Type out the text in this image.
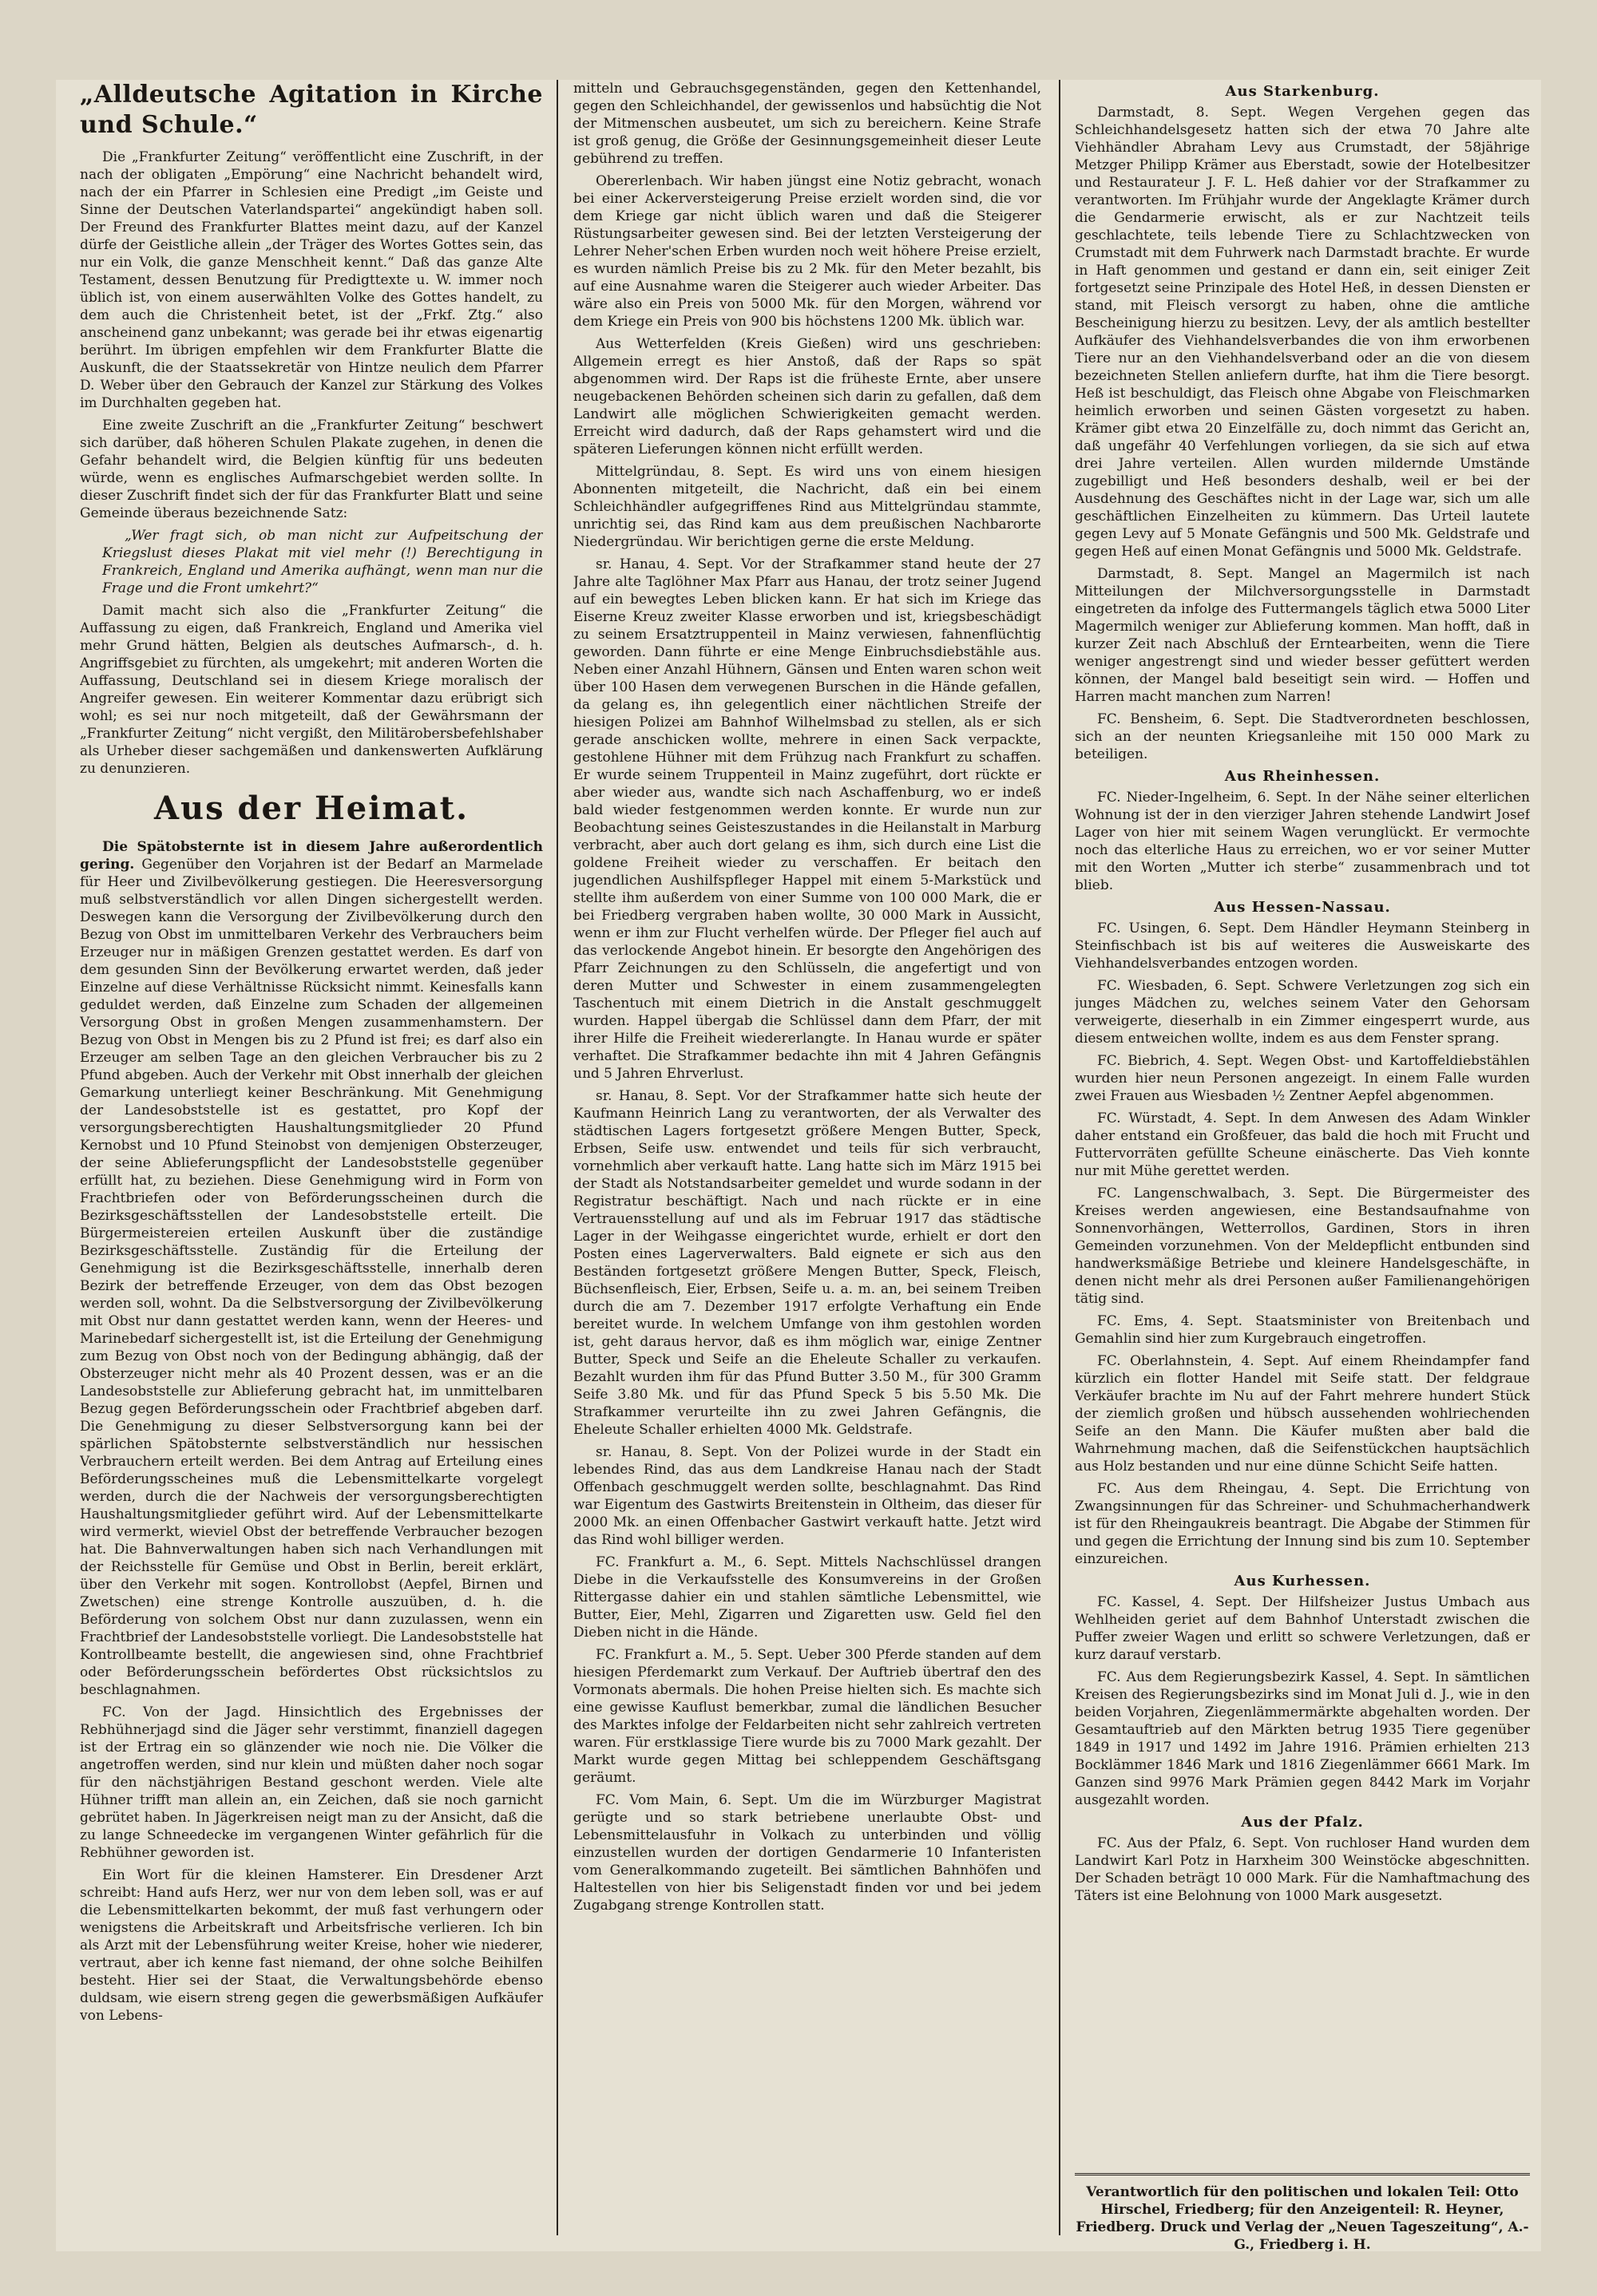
„Alldeutsche Agitation in Kirche und Schule.“

Die „Frankfurter Zeitung“ veröffentlicht eine Zuschrift, in der nach der obligaten „Empörung“ eine Nachricht behandelt wird, nach der ein Pfarrer in Schlesien eine Predigt „im Geiste und Sinne der Deutschen Vaterlandspartei“ angekündigt haben soll. Der Freund des Frankfurter Blattes meint dazu, auf der Kanzel dürfe der Geistliche allein „der Träger des Wortes Gottes sein, das nur ein Volk, die ganze Menschheit kennt.“ Daß das ganze Alte Testament, dessen Benutzung für Predigttexte u. W. immer noch üblich ist, von einem auserwählten Volke des Gottes handelt, zu dem auch die Christenheit betet, ist der „Frkf. Ztg.“ also anscheinend ganz unbekannt; was gerade bei ihr etwas eigenartig berührt. Im übrigen empfehlen wir dem Frankfurter Blatte die Auskunft, die der Staatssekretär von Hintze neulich dem Pfarrer D. Weber über den Gebrauch der Kanzel zur Stärkung des Volkes im Durchhalten gegeben hat.

Eine zweite Zuschrift an die „Frankfurter Zeitung“ beschwert sich darüber, daß höheren Schulen Plakate zugehen, in denen die Gefahr behandelt wird, die Belgien künftig für uns bedeuten würde, wenn es englisches Aufmarschgebiet werden sollte. In dieser Zuschrift findet sich der für das Frankfurter Blatt und seine Gemeinde überaus bezeichnende Satz:

„Wer fragt sich, ob man nicht zur Aufpeitschung der Kriegslust dieses Plakat mit viel mehr (!) Berechtigung in Frankreich, England und Amerika aufhängt, wenn man nur die Frage und die Front umkehrt?“

Damit macht sich also die „Frankfurter Zeitung“ die Auffassung zu eigen, daß Frankreich, England und Amerika viel mehr Grund hätten, Belgien als deutsches Aufmarsch-, d. h. Angriffsgebiet zu fürchten, als umgekehrt; mit anderen Worten die Auffassung, Deutschland sei in diesem Kriege moralisch der Angreifer gewesen. Ein weiterer Kommentar dazu erübrigt sich wohl; es sei nur noch mitgeteilt, daß der Gewährsmann der „Frankfurter Zeitung“ nicht vergißt, den Militärobersbefehlshaber als Urheber dieser sachgemäßen und dankenswerten Aufklärung zu denunzieren.

Aus der Heimat.

Die Spätobsternte ist in diesem Jahre außerordentlich gering. Gegenüber den Vorjahren ist der Bedarf an Marmelade für Heer und Zivilbevölkerung gestiegen. Die Heeresversorgung muß selbstverständlich vor allen Dingen sichergestellt werden. Deswegen kann die Versorgung der Zivilbevölkerung durch den Bezug von Obst im unmittelbaren Verkehr des Verbrauchers beim Erzeuger nur in mäßigen Grenzen gestattet werden. Es darf von dem gesunden Sinn der Bevölkerung erwartet werden, daß jeder Einzelne auf diese Verhältnisse Rücksicht nimmt. Keinesfalls kann geduldet werden, daß Einzelne zum Schaden der allgemeinen Versorgung Obst in großen Mengen zusammenhamstern. Der Bezug von Obst in Mengen bis zu 2 Pfund ist frei; es darf also ein Erzeuger am selben Tage an den gleichen Verbraucher bis zu 2 Pfund abgeben. Auch der Verkehr mit Obst innerhalb der gleichen Gemarkung unterliegt keiner Beschränkung. Mit Genehmigung der Landesobststelle ist es gestattet, pro Kopf der versorgungsberechtigten Haushaltungsmitglieder 20 Pfund Kernobst und 10 Pfund Steinobst von demjenigen Obsterzeuger, der seine Ablieferungspflicht der Landesobststelle gegenüber erfüllt hat, zu beziehen. Diese Genehmigung wird in Form von Frachtbriefen oder von Beförderungsscheinen durch die Bezirksgeschäftsstellen der Landesobststelle erteilt. Die Bürgermeistereien erteilen Auskunft über die zuständige Bezirksgeschäftsstelle. Zuständig für die Erteilung der Genehmigung ist die Bezirksgeschäftsstelle, innerhalb deren Bezirk der betreffende Erzeuger, von dem das Obst bezogen werden soll, wohnt. Da die Selbstversorgung der Zivilbevölkerung mit Obst nur dann gestattet werden kann, wenn der Heeres- und Marinebedarf sichergestellt ist, ist die Erteilung der Genehmigung zum Bezug von Obst noch von der Bedingung abhängig, daß der Obsterzeuger nicht mehr als 40 Prozent dessen, was er an die Landesobststelle zur Ablieferung gebracht hat, im unmittelbaren Bezug gegen Beförderungsschein oder Frachtbrief abgeben darf. Die Genehmigung zu dieser Selbstversorgung kann bei der spärlichen Spätobsternte selbstverständlich nur hessischen Verbrauchern erteilt werden. Bei dem Antrag auf Erteilung eines Beförderungsscheines muß die Lebensmittelkarte vorgelegt werden, durch die der Nachweis der versorgungsberechtigten Haushaltungsmitglieder geführt wird. Auf der Lebensmittelkarte wird vermerkt, wieviel Obst der betreffende Verbraucher bezogen hat. Die Bahnverwaltungen haben sich nach Verhandlungen mit der Reichsstelle für Gemüse und Obst in Berlin, bereit erklärt, über den Verkehr mit sogen. Kontrollobst (Aepfel, Birnen und Zwetschen) eine strenge Kontrolle auszuüben, d. h. die Beförderung von solchem Obst nur dann zuzulassen, wenn ein Frachtbrief der Landesobststelle vorliegt. Die Landesobststelle hat Kontrollbeamte bestellt, die angewiesen sind, ohne Frachtbrief oder Beförderungsschein befördertes Obst rücksichtslos zu beschlagnahmen.

FC. Von der Jagd. Hinsichtlich des Ergebnisses der Rebhühnerjagd sind die Jäger sehr verstimmt, finanziell dagegen ist der Ertrag ein so glänzender wie noch nie. Die Völker die angetroffen werden, sind nur klein und müßten daher noch sogar für den nächstjährigen Bestand geschont werden. Viele alte Hühner trifft man allein an, ein Zeichen, daß sie noch garnicht gebrütet haben. In Jägerkreisen neigt man zu der Ansicht, daß die zu lange Schneedecke im vergangenen Winter gefährlich für die Rebhühner geworden ist.

Ein Wort für die kleinen Hamsterer. Ein Dresdener Arzt schreibt: Hand aufs Herz, wer nur von dem leben soll, was er auf die Lebensmittelkarten bekommt, der muß fast verhungern oder wenigstens die Arbeitskraft und Arbeitsfrische verlieren. Ich bin als Arzt mit der Lebensführung weiter Kreise, hoher wie niederer, vertraut, aber ich kenne fast niemand, der ohne solche Beihilfen besteht. Hier sei der Staat, die Verwaltungsbehörde ebenso duldsam, wie eisern streng gegen die gewerbsmäßigen Aufkäufer von Lebens-

mitteln und Gebrauchsgegenständen, gegen den Kettenhandel, gegen den Schleichhandel, der gewissenlos und habsüchtig die Not der Mitmenschen ausbeutet, um sich zu bereichern. Keine Strafe ist groß genug, die Größe der Gesinnungsgemeinheit dieser Leute gebührend zu treffen.

Obererlenbach. Wir haben jüngst eine Notiz gebracht, wonach bei einer Ackerversteigerung Preise erzielt worden sind, die vor dem Kriege gar nicht üblich waren und daß die Steigerer Rüstungsarbeiter gewesen sind. Bei der letzten Versteigerung der Lehrer Neher'schen Erben wurden noch weit höhere Preise erzielt, es wurden nämlich Preise bis zu 2 Mk. für den Meter bezahlt, bis auf eine Ausnahme waren die Steigerer auch wieder Arbeiter. Das wäre also ein Preis von 5000 Mk. für den Morgen, während vor dem Kriege ein Preis von 900 bis höchstens 1200 Mk. üblich war.

Aus Wetterfelden (Kreis Gießen) wird uns geschrieben: Allgemein erregt es hier Anstoß, daß der Raps so spät abgenommen wird. Der Raps ist die früheste Ernte, aber unsere neugebackenen Behörden scheinen sich darin zu gefallen, daß dem Landwirt alle möglichen Schwierigkeiten gemacht werden. Erreicht wird dadurch, daß der Raps gehamstert wird und die späteren Lieferungen können nicht erfüllt werden.

Mittelgründau, 8. Sept. Es wird uns von einem hiesigen Abonnenten mitgeteilt, die Nachricht, daß ein bei einem Schleichhändler aufgegriffenes Rind aus Mittelgründau stammte, unrichtig sei, das Rind kam aus dem preußischen Nachbarorte Niedergründau. Wir berichtigen gerne die erste Meldung.

sr. Hanau, 4. Sept. Vor der Strafkammer stand heute der 27 Jahre alte Taglöhner Max Pfarr aus Hanau, der trotz seiner Jugend auf ein bewegtes Leben blicken kann. Er hat sich im Kriege das Eiserne Kreuz zweiter Klasse erworben und ist, kriegsbeschädigt zu seinem Ersatztruppenteil in Mainz verwiesen, fahnenflüchtig geworden. Dann führte er eine Menge Einbruchsdiebstähle aus. Neben einer Anzahl Hühnern, Gänsen und Enten waren schon weit über 100 Hasen dem verwegenen Burschen in die Hände gefallen, da gelang es, ihn gelegentlich einer nächtlichen Streife der hiesigen Polizei am Bahnhof Wilhelmsbad zu stellen, als er sich gerade anschicken wollte, mehrere in einen Sack verpackte, gestohlene Hühner mit dem Frühzug nach Frankfurt zu schaffen. Er wurde seinem Truppenteil in Mainz zugeführt, dort rückte er aber wieder aus, wandte sich nach Aschaffenburg, wo er indeß bald wieder festgenommen werden konnte. Er wurde nun zur Beobachtung seines Geisteszustandes in die Heilanstalt in Marburg verbracht, aber auch dort gelang es ihm, sich durch eine List die goldene Freiheit wieder zu verschaffen. Er beitach den jugendlichen Aushilfspfleger Happel mit einem 5-Markstück und stellte ihm außerdem von einer Summe von 100 000 Mark, die er bei Friedberg vergraben haben wollte, 30 000 Mark in Aussicht, wenn er ihm zur Flucht verhelfen würde. Der Pfleger fiel auch auf das verlockende Angebot hinein. Er besorgte den Angehörigen des Pfarr Zeichnungen zu den Schlüsseln, die angefertigt und von deren Mutter und Schwester in einem zusammengelegten Taschentuch mit einem Dietrich in die Anstalt geschmuggelt wurden. Happel übergab die Schlüssel dann dem Pfarr, der mit ihrer Hilfe die Freiheit wiedererlangte. In Hanau wurde er später verhaftet. Die Strafkammer bedachte ihn mit 4 Jahren Gefängnis und 5 Jahren Ehrverlust.

sr. Hanau, 8. Sept. Vor der Strafkammer hatte sich heute der Kaufmann Heinrich Lang zu verantworten, der als Verwalter des städtischen Lagers fortgesetzt größere Mengen Butter, Speck, Erbsen, Seife usw. entwendet und teils für sich verbraucht, vornehmlich aber verkauft hatte. Lang hatte sich im März 1915 bei der Stadt als Notstandsarbeiter gemeldet und wurde sodann in der Registratur beschäftigt. Nach und nach rückte er in eine Vertrauensstellung auf und als im Februar 1917 das städtische Lager in der Weihgasse eingerichtet wurde, erhielt er dort den Posten eines Lagerverwalters. Bald eignete er sich aus den Beständen fortgesetzt größere Mengen Butter, Speck, Fleisch, Büchsenfleisch, Eier, Erbsen, Seife u. a. m. an, bei seinem Treiben durch die am 7. Dezember 1917 erfolgte Verhaftung ein Ende bereitet wurde. In welchem Umfange von ihm gestohlen worden ist, geht daraus hervor, daß es ihm möglich war, einige Zentner Butter, Speck und Seife an die Eheleute Schaller zu verkaufen. Bezahlt wurden ihm für das Pfund Butter 3.50 M., für 300 Gramm Seife 3.80 Mk. und für das Pfund Speck 5 bis 5.50 Mk. Die Strafkammer verurteilte ihn zu zwei Jahren Gefängnis, die Eheleute Schaller erhielten 4000 Mk. Geldstrafe.

sr. Hanau, 8. Sept. Von der Polizei wurde in der Stadt ein lebendes Rind, das aus dem Landkreise Hanau nach der Stadt Offenbach geschmuggelt werden sollte, beschlagnahmt. Das Rind war Eigentum des Gastwirts Breitenstein in Oltheim, das dieser für 2000 Mk. an einen Offenbacher Gastwirt verkauft hatte. Jetzt wird das Rind wohl billiger werden.

FC. Frankfurt a. M., 6. Sept. Mittels Nachschlüssel drangen Diebe in die Verkaufsstelle des Konsumvereins in der Großen Rittergasse dahier ein und stahlen sämtliche Lebensmittel, wie Butter, Eier, Mehl, Zigarren und Zigaretten usw. Geld fiel den Dieben nicht in die Hände.

FC. Frankfurt a. M., 5. Sept. Ueber 300 Pferde standen auf dem hiesigen Pferdemarkt zum Verkauf. Der Auftrieb übertraf den des Vormonats abermals. Die hohen Preise hielten sich. Es machte sich eine gewisse Kauflust bemerkbar, zumal die ländlichen Besucher des Marktes infolge der Feldarbeiten nicht sehr zahlreich vertreten waren. Für erstklassige Tiere wurde bis zu 7000 Mark gezahlt. Der Markt wurde gegen Mittag bei schleppendem Geschäftsgang geräumt.

FC. Vom Main, 6. Sept. Um die im Würzburger Magistrat gerügte und so stark betriebene unerlaubte Obst- und Lebensmittelausfuhr in Volkach zu unterbinden und völlig einzustellen wurden der dortigen Gendarmerie 10 Infanteristen vom Generalkommando zugeteilt. Bei sämtlichen Bahnhöfen und Haltestellen von hier bis Seligenstadt finden vor und bei jedem Zugabgang strenge Kontrollen statt.

Aus Starkenburg.

Darmstadt, 8. Sept. Wegen Vergehen gegen das Schleichhandelsgesetz hatten sich der etwa 70 Jahre alte Viehhändler Abraham Levy aus Crumstadt, der 58jährige Metzger Philipp Krämer aus Eberstadt, sowie der Hotelbesitzer und Restaurateur J. F. L. Heß dahier vor der Strafkammer zu verantworten. Im Frühjahr wurde der Angeklagte Krämer durch die Gendarmerie erwischt, als er zur Nachtzeit teils geschlachtete, teils lebende Tiere zu Schlachtzwecken von Crumstadt mit dem Fuhrwerk nach Darmstadt brachte. Er wurde in Haft genommen und gestand er dann ein, seit einiger Zeit fortgesetzt seine Prinzipale des Hotel Heß, in dessen Diensten er stand, mit Fleisch versorgt zu haben, ohne die amtliche Bescheinigung hierzu zu besitzen. Levy, der als amtlich bestellter Aufkäufer des Viehhandelsverbandes die von ihm erworbenen Tiere nur an den Viehhandelsverband oder an die von diesem bezeichneten Stellen anliefern durfte, hat ihm die Tiere besorgt. Heß ist beschuldigt, das Fleisch ohne Abgabe von Fleischmarken heimlich erworben und seinen Gästen vorgesetzt zu haben. Krämer gibt etwa 20 Einzelfälle zu, doch nimmt das Gericht an, daß ungefähr 40 Verfehlungen vorliegen, da sie sich auf etwa drei Jahre verteilen. Allen wurden mildernde Umstände zugebilligt und Heß besonders deshalb, weil er bei der Ausdehnung des Geschäftes nicht in der Lage war, sich um alle geschäftlichen Einzelheiten zu kümmern. Das Urteil lautete gegen Levy auf 5 Monate Gefängnis und 500 Mk. Geldstrafe und gegen Heß auf einen Monat Gefängnis und 5000 Mk. Geldstrafe.

Darmstadt, 8. Sept. Mangel an Magermilch ist nach Mitteilungen der Milchversorgungsstelle in Darmstadt eingetreten da infolge des Futtermangels täglich etwa 5000 Liter Magermilch weniger zur Ablieferung kommen. Man hofft, daß in kurzer Zeit nach Abschluß der Erntearbeiten, wenn die Tiere weniger angestrengt sind und wieder besser gefüttert werden können, der Mangel bald beseitigt sein wird. — Hoffen und Harren macht manchen zum Narren!

FC. Bensheim, 6. Sept. Die Stadtverordneten beschlossen, sich an der neunten Kriegsanleihe mit 150 000 Mark zu beteiligen.

Aus Rheinhessen.

FC. Nieder-Ingelheim, 6. Sept. In der Nähe seiner elterlichen Wohnung ist der in den vierziger Jahren stehende Landwirt Josef Lager von hier mit seinem Wagen verunglückt. Er vermochte noch das elterliche Haus zu erreichen, wo er vor seiner Mutter mit den Worten „Mutter ich sterbe“ zusammenbrach und tot blieb.

Aus Hessen-Nassau.

FC. Usingen, 6. Sept. Dem Händler Heymann Steinberg in Steinfischbach ist bis auf weiteres die Ausweiskarte des Viehhandelsverbandes entzogen worden.

FC. Wiesbaden, 6. Sept. Schwere Verletzungen zog sich ein junges Mädchen zu, welches seinem Vater den Gehorsam verweigerte, dieserhalb in ein Zimmer eingesperrt wurde, aus diesem entweichen wollte, indem es aus dem Fenster sprang.

FC. Biebrich, 4. Sept. Wegen Obst- und Kartoffeldiebstählen wurden hier neun Personen angezeigt. In einem Falle wurden zwei Frauen aus Wiesbaden ½ Zentner Aepfel abgenommen.

FC. Würstadt, 4. Sept. In dem Anwesen des Adam Winkler daher entstand ein Großfeuer, das bald die hoch mit Frucht und Futtervorräten gefüllte Scheune einäscherte. Das Vieh konnte nur mit Mühe gerettet werden.

FC. Langenschwalbach, 3. Sept. Die Bürgermeister des Kreises werden angewiesen, eine Bestandsaufnahme von Sonnenvorhängen, Wetterrollos, Gardinen, Stors in ihren Gemeinden vorzunehmen. Von der Meldepflicht entbunden sind handwerksmäßige Betriebe und kleinere Handelsgeschäfte, in denen nicht mehr als drei Personen außer Familienangehörigen tätig sind.

FC. Ems, 4. Sept. Staatsminister von Breitenbach und Gemahlin sind hier zum Kurgebrauch eingetroffen.

FC. Oberlahnstein, 4. Sept. Auf einem Rheindampfer fand kürzlich ein flotter Handel mit Seife statt. Der feldgraue Verkäufer brachte im Nu auf der Fahrt mehrere hundert Stück der ziemlich großen und hübsch aussehenden wohlriechenden Seife an den Mann. Die Käufer mußten aber bald die Wahrnehmung machen, daß die Seifenstückchen hauptsächlich aus Holz bestanden und nur eine dünne Schicht Seife hatten.

FC. Aus dem Rheingau, 4. Sept. Die Errichtung von Zwangsinnungen für das Schreiner- und Schuhmacherhandwerk ist für den Rheingaukreis beantragt. Die Abgabe der Stimmen für und gegen die Errichtung der Innung sind bis zum 10. September einzureichen.

Aus Kurhessen.

FC. Kassel, 4. Sept. Der Hilfsheizer Justus Umbach aus Wehlheiden geriet auf dem Bahnhof Unterstadt zwischen die Puffer zweier Wagen und erlitt so schwere Verletzungen, daß er kurz darauf verstarb.

FC. Aus dem Regierungsbezirk Kassel, 4. Sept. In sämtlichen Kreisen des Regierungsbezirks sind im Monat Juli d. J., wie in den beiden Vorjahren, Ziegenlämmermärkte abgehalten worden. Der Gesamtauftrieb auf den Märkten betrug 1935 Tiere gegenüber 1849 in 1917 und 1492 im Jahre 1916. Prämien erhielten 213 Bocklämmer 1846 Mark und 1816 Ziegenlämmer 6661 Mark. Im Ganzen sind 9976 Mark Prämien gegen 8442 Mark im Vorjahr ausgezahlt worden.

Aus der Pfalz.

FC. Aus der Pfalz, 6. Sept. Von ruchloser Hand wurden dem Landwirt Karl Potz in Harxheim 300 Weinstöcke abgeschnitten. Der Schaden beträgt 10 000 Mark. Für die Namhaftmachung des Täters ist eine Belohnung von 1000 Mark ausgesetzt.

Verantwortlich für den politischen und lokalen Teil: Otto Hirschel, Friedberg; für den Anzeigenteil: R. Heyner, Friedberg. Druck und Verlag der „Neuen Tageszeitung“, A.-G., Friedberg i. H.
